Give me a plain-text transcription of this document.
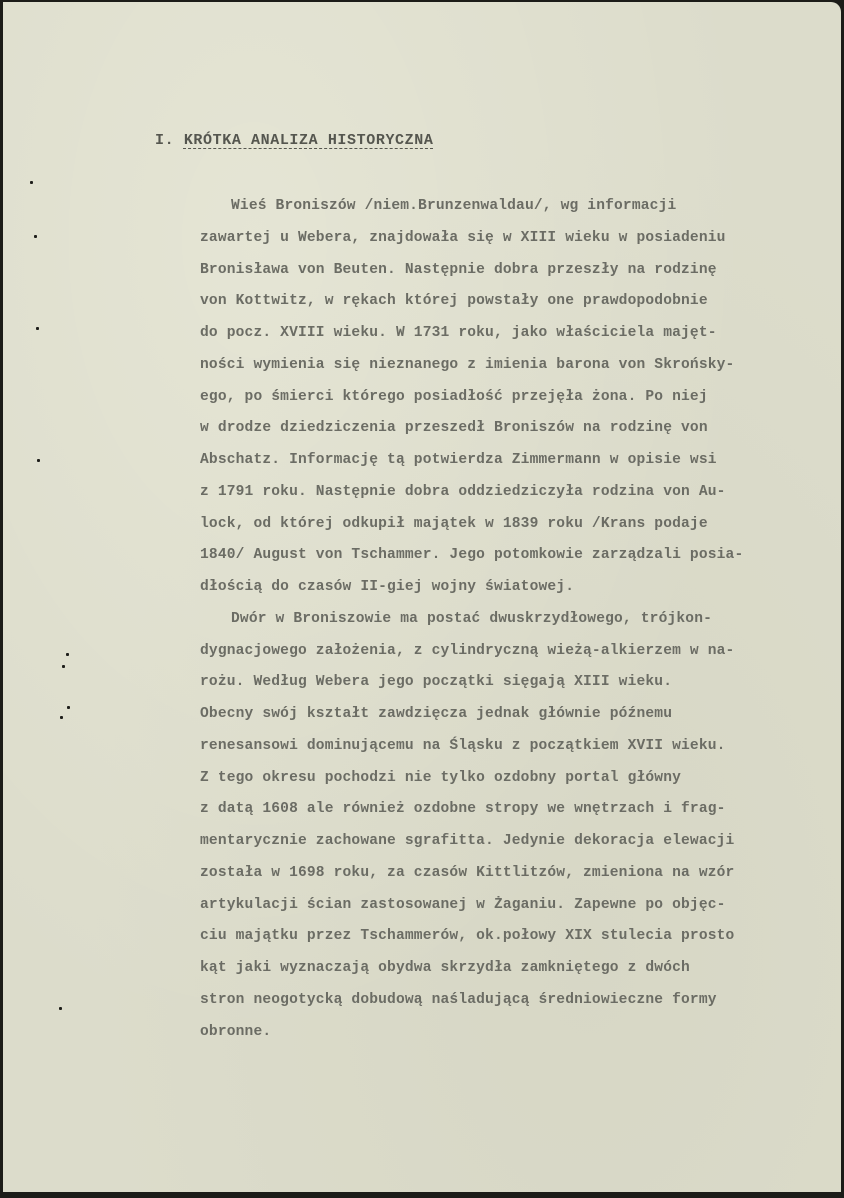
I. KRÓTKA ANALIZA HISTORYCZNA
Wieś Broniszów /niem.Brunzenwaldau/, wg informacji
zawartej u Webera, znajdowała się w XIII wieku w posiadeniu
Bronisława von Beuten. Następnie dobra przeszły na rodzinę
von Kottwitz, w rękach której powstały one prawdopodobnie
do pocz. XVIII wieku. W 1731 roku, jako właściciela majęt-
ności wymienia się nieznanego z imienia barona von Skrońsky-
ego, po śmierci którego posiadłość przejęła żona. Po niej
w drodze dziedziczenia przeszedł Broniszów na rodzinę von
Abschatz. Informację tą potwierdza Zimmermann w opisie wsi
z 1791 roku. Następnie dobra oddziedziczyła rodzina von Au-
lock, od której odkupił majątek w 1839 roku /Krans podaje
1840/ August von Tschammer. Jego potomkowie zarządzali posia-
dłością do czasów II-giej wojny światowej.
Dwór w Broniszowie ma postać dwuskrzydłowego, trójkon-
dygnacjowego założenia, z cylindryczną wieżą-alkierzem w na-
rożu. Według Webera jego początki sięgają XIII wieku.
Obecny swój kształt zawdzięcza jednak głównie późnemu
renesansowi dominującemu na Śląsku z początkiem XVII wieku.
Z tego okresu pochodzi nie tylko ozdobny portal główny
z datą 1608 ale również ozdobne stropy we wnętrzach i frag-
mentarycznie zachowane sgrafitta. Jedynie dekoracja elewacji
została w 1698 roku, za czasów Kittlitzów, zmieniona na wzór
artykulacji ścian zastosowanej w Żaganiu. Zapewne po objęc-
ciu majątku przez Tschammerów, ok.połowy XIX stulecia prosto
kąt jaki wyznaczają obydwa skrzydła zamkniętego z dwóch
stron neogotycką dobudową naśladującą średniowieczne formy
obronne.
